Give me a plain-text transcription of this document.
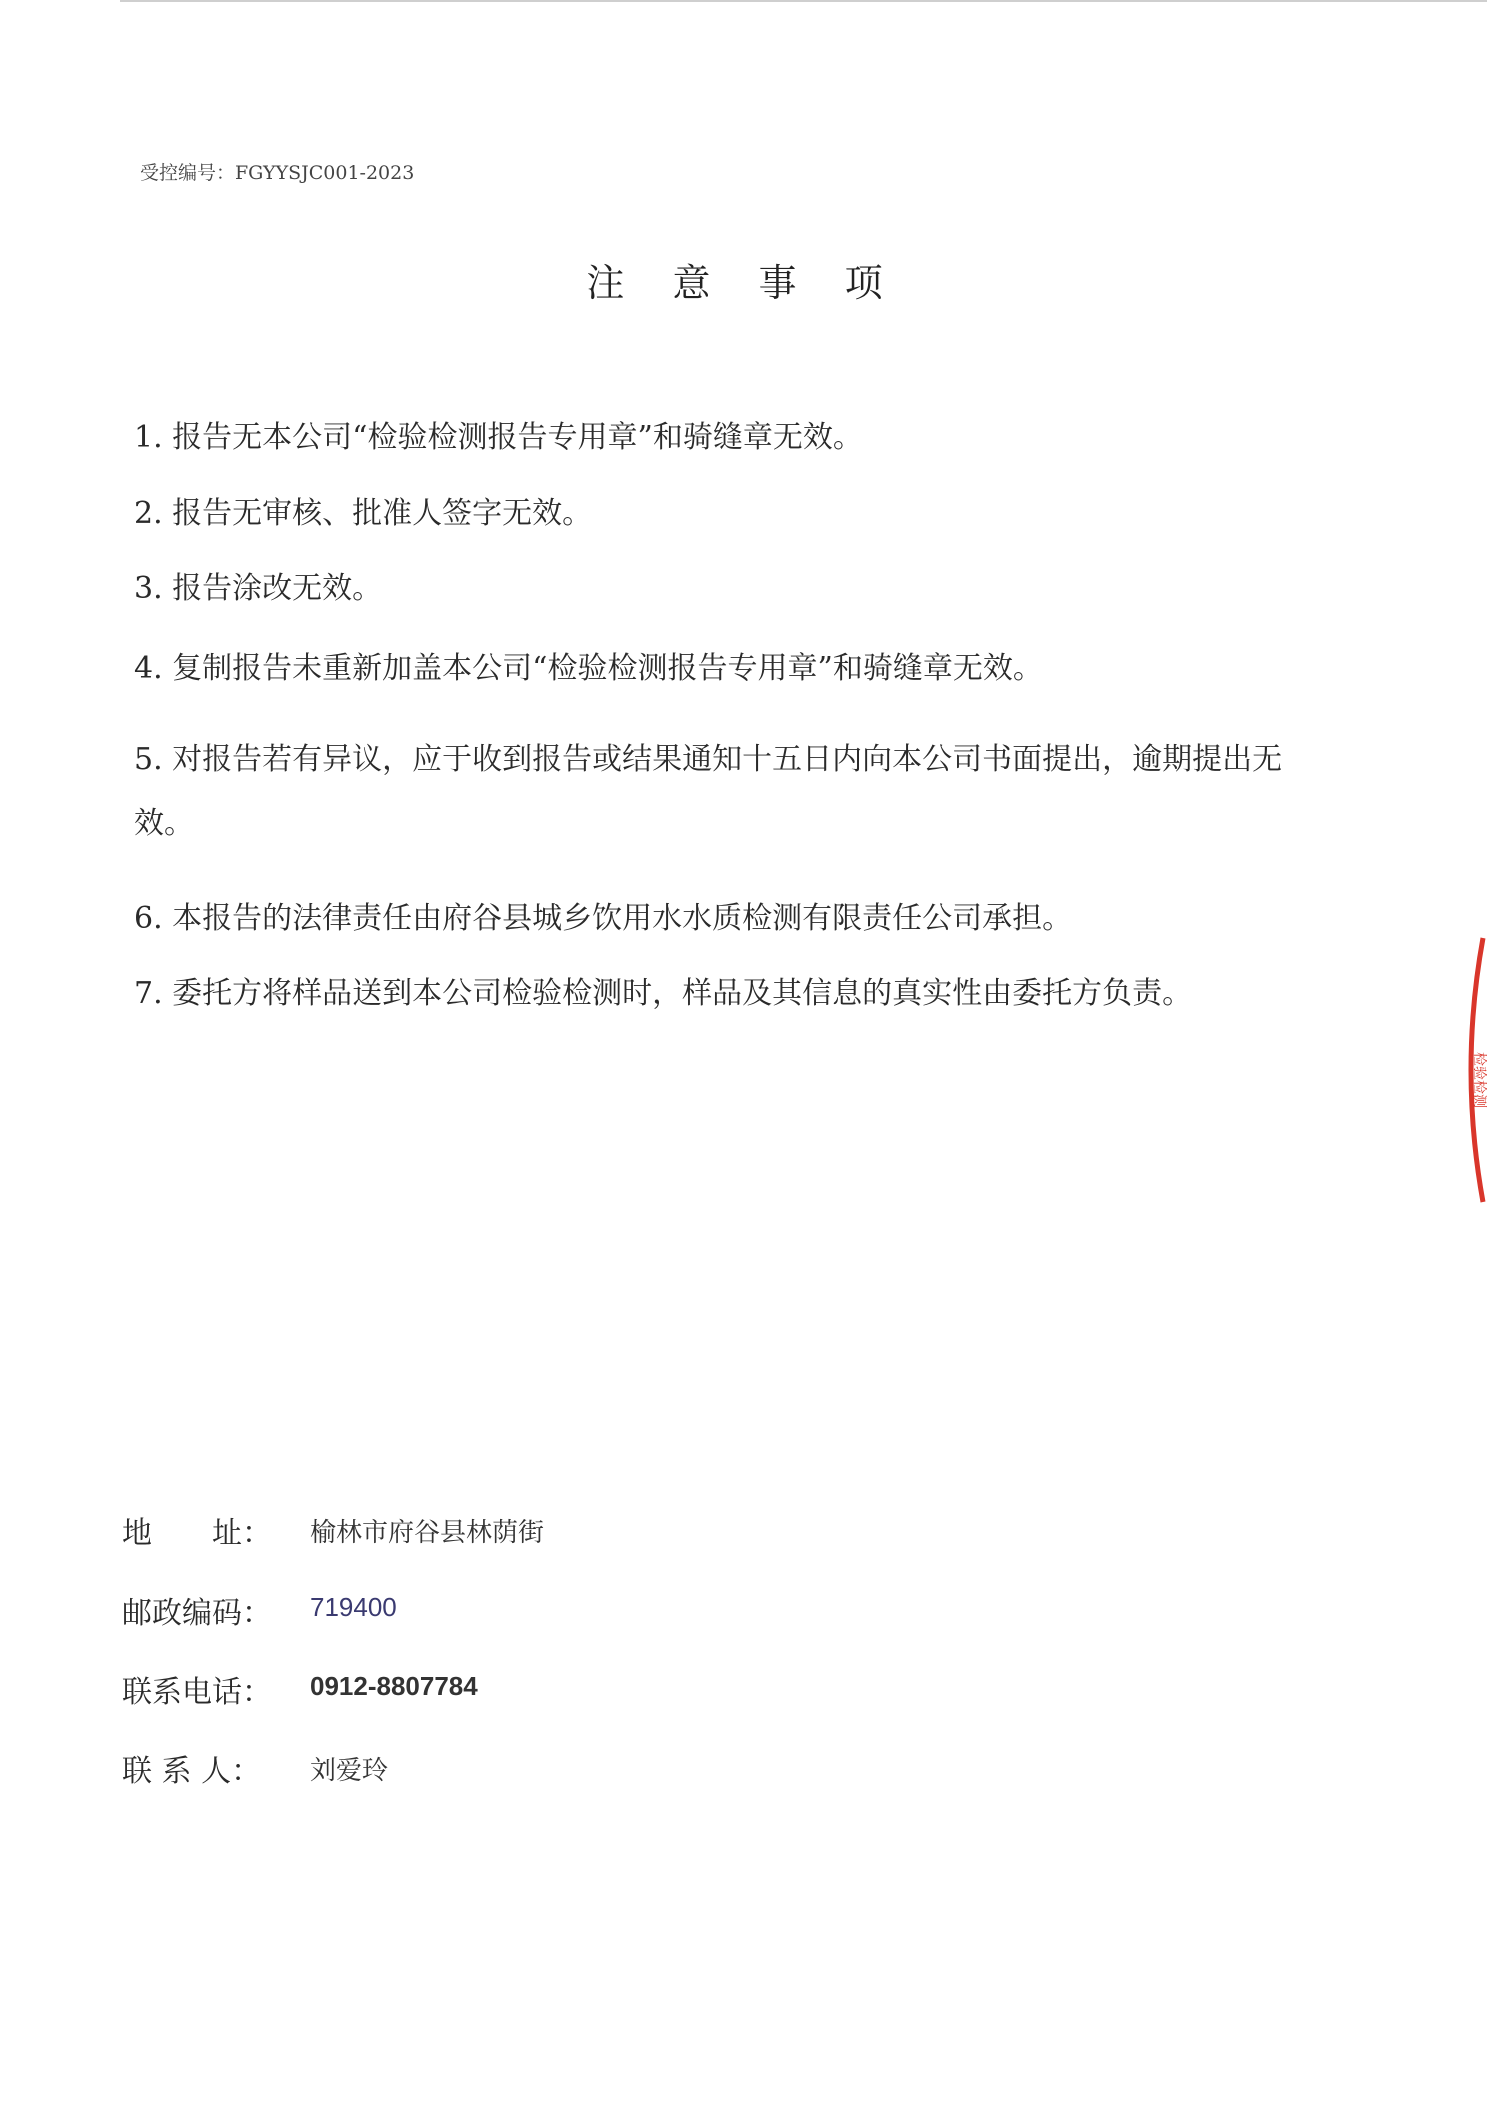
受控编号：FGYYSJC001-2023
注 意 事 项
1. 报告无本公司“检验检测报告专用章”和骑缝章无效。
2. 报告无审核、批准人签字无效。
3. 报告涂改无效。
4. 复制报告未重新加盖本公司“检验检测报告专用章”和骑缝章无效。
5. 对报告若有异议，应于收到报告或结果通知十五日内向本公司书面提出，逾期提出无效。
6. 本报告的法律责任由府谷县城乡饮用水水质检测有限责任公司承担。
7. 委托方将样品送到本公司检验检测时，样品及其信息的真实性由委托方负责。
地　　址： 榆林市府谷县林荫街
邮政编码： 719400
联系电话： 0912-8807784
联 系 人： 刘爱玲
检验检测
